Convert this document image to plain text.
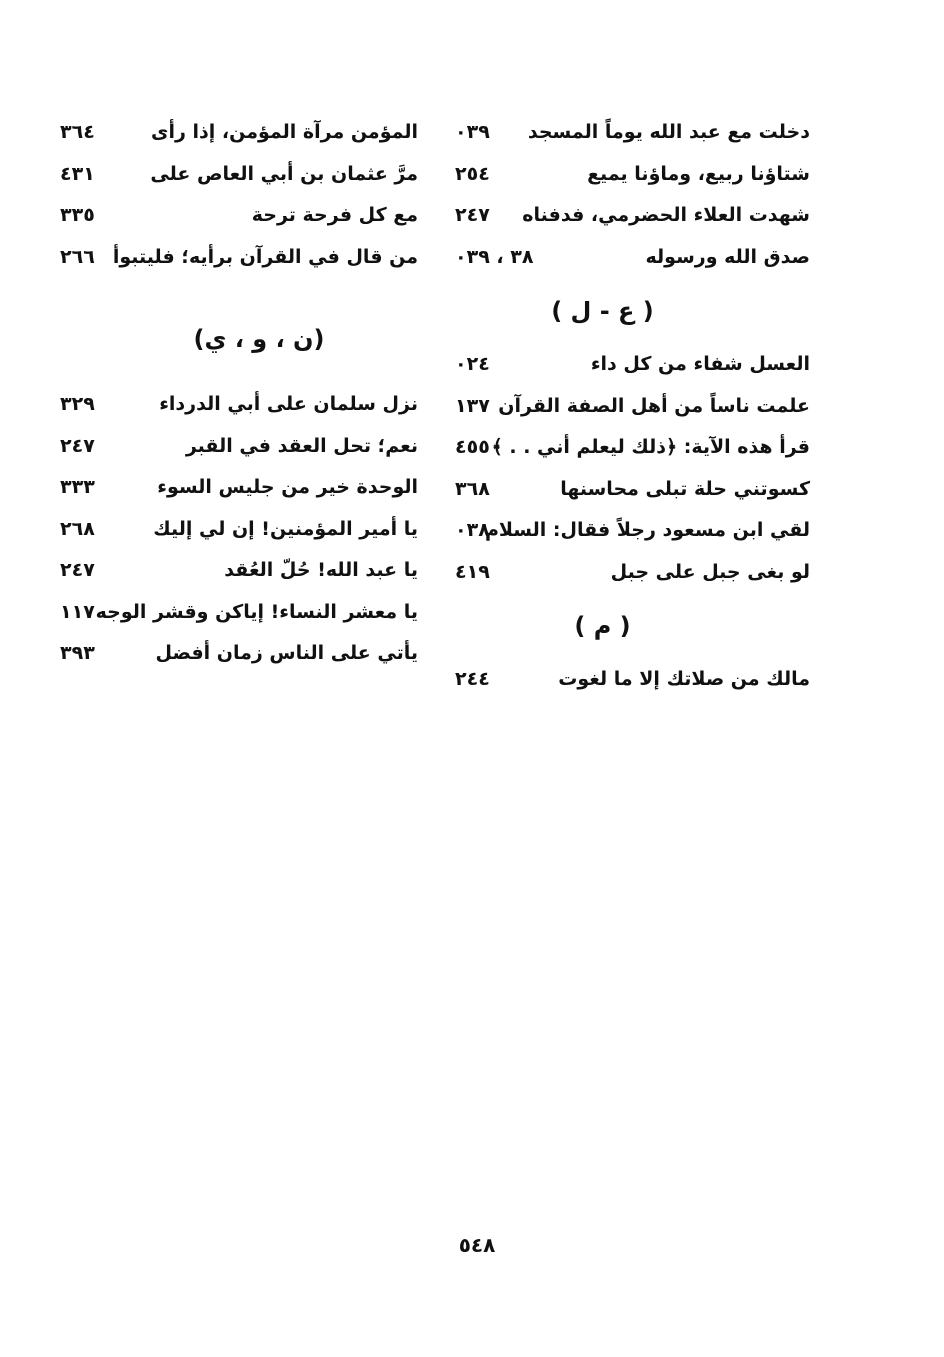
دخلت مع عبد الله يوماً المسجد
٠٣٩
شتاؤنا ربيع، وماؤنا يميع
٢٥٤
شهدت العلاء الحضرمي، فدفناه
٢٤٧
صدق الله ورسوله
٣٨ ، ٠٣٩
( ع - ل )
العسل شفاء من كل داء
٠٢٤
علمت ناساً من أهل الصفة القرآن
١٣٧
قرأ هذه الآية: ﴿ذلك ليعلم أني . . ﴾
٤٥٥
كسوتني حلة تبلى محاسنها
٣٦٨
لقي ابن مسعود رجلاً فقال: السلام
٠٣٨
لو بغى جبل على جبل
٤١٩
( م )
مالك من صلاتك إلا ما لغوت
٢٤٤
المؤمن مرآة المؤمن، إذا رأى
٣٦٤
مرَّ عثمان بن أبي العاص على
٤٣١
مع كل فرحة ترحة
٣٣٥
من قال في القرآن برأيه؛ فليتبوأ
٢٦٦
(ن ، و ، ي)
نزل سلمان على أبي الدرداء
٣٢٩
نعم؛ تحل العقد في القبر
٢٤٧
الوحدة خير من جليس السوء
٣٣٣
يا أمير المؤمنين! إن لي إليك
٢٦٨
يا عبد الله! حُلّ العُقد
٢٤٧
يا معشر النساء! إياكن وقشر الوجه
١١٧
يأتي على الناس زمان أفضل
٣٩٣
٥٤٨
